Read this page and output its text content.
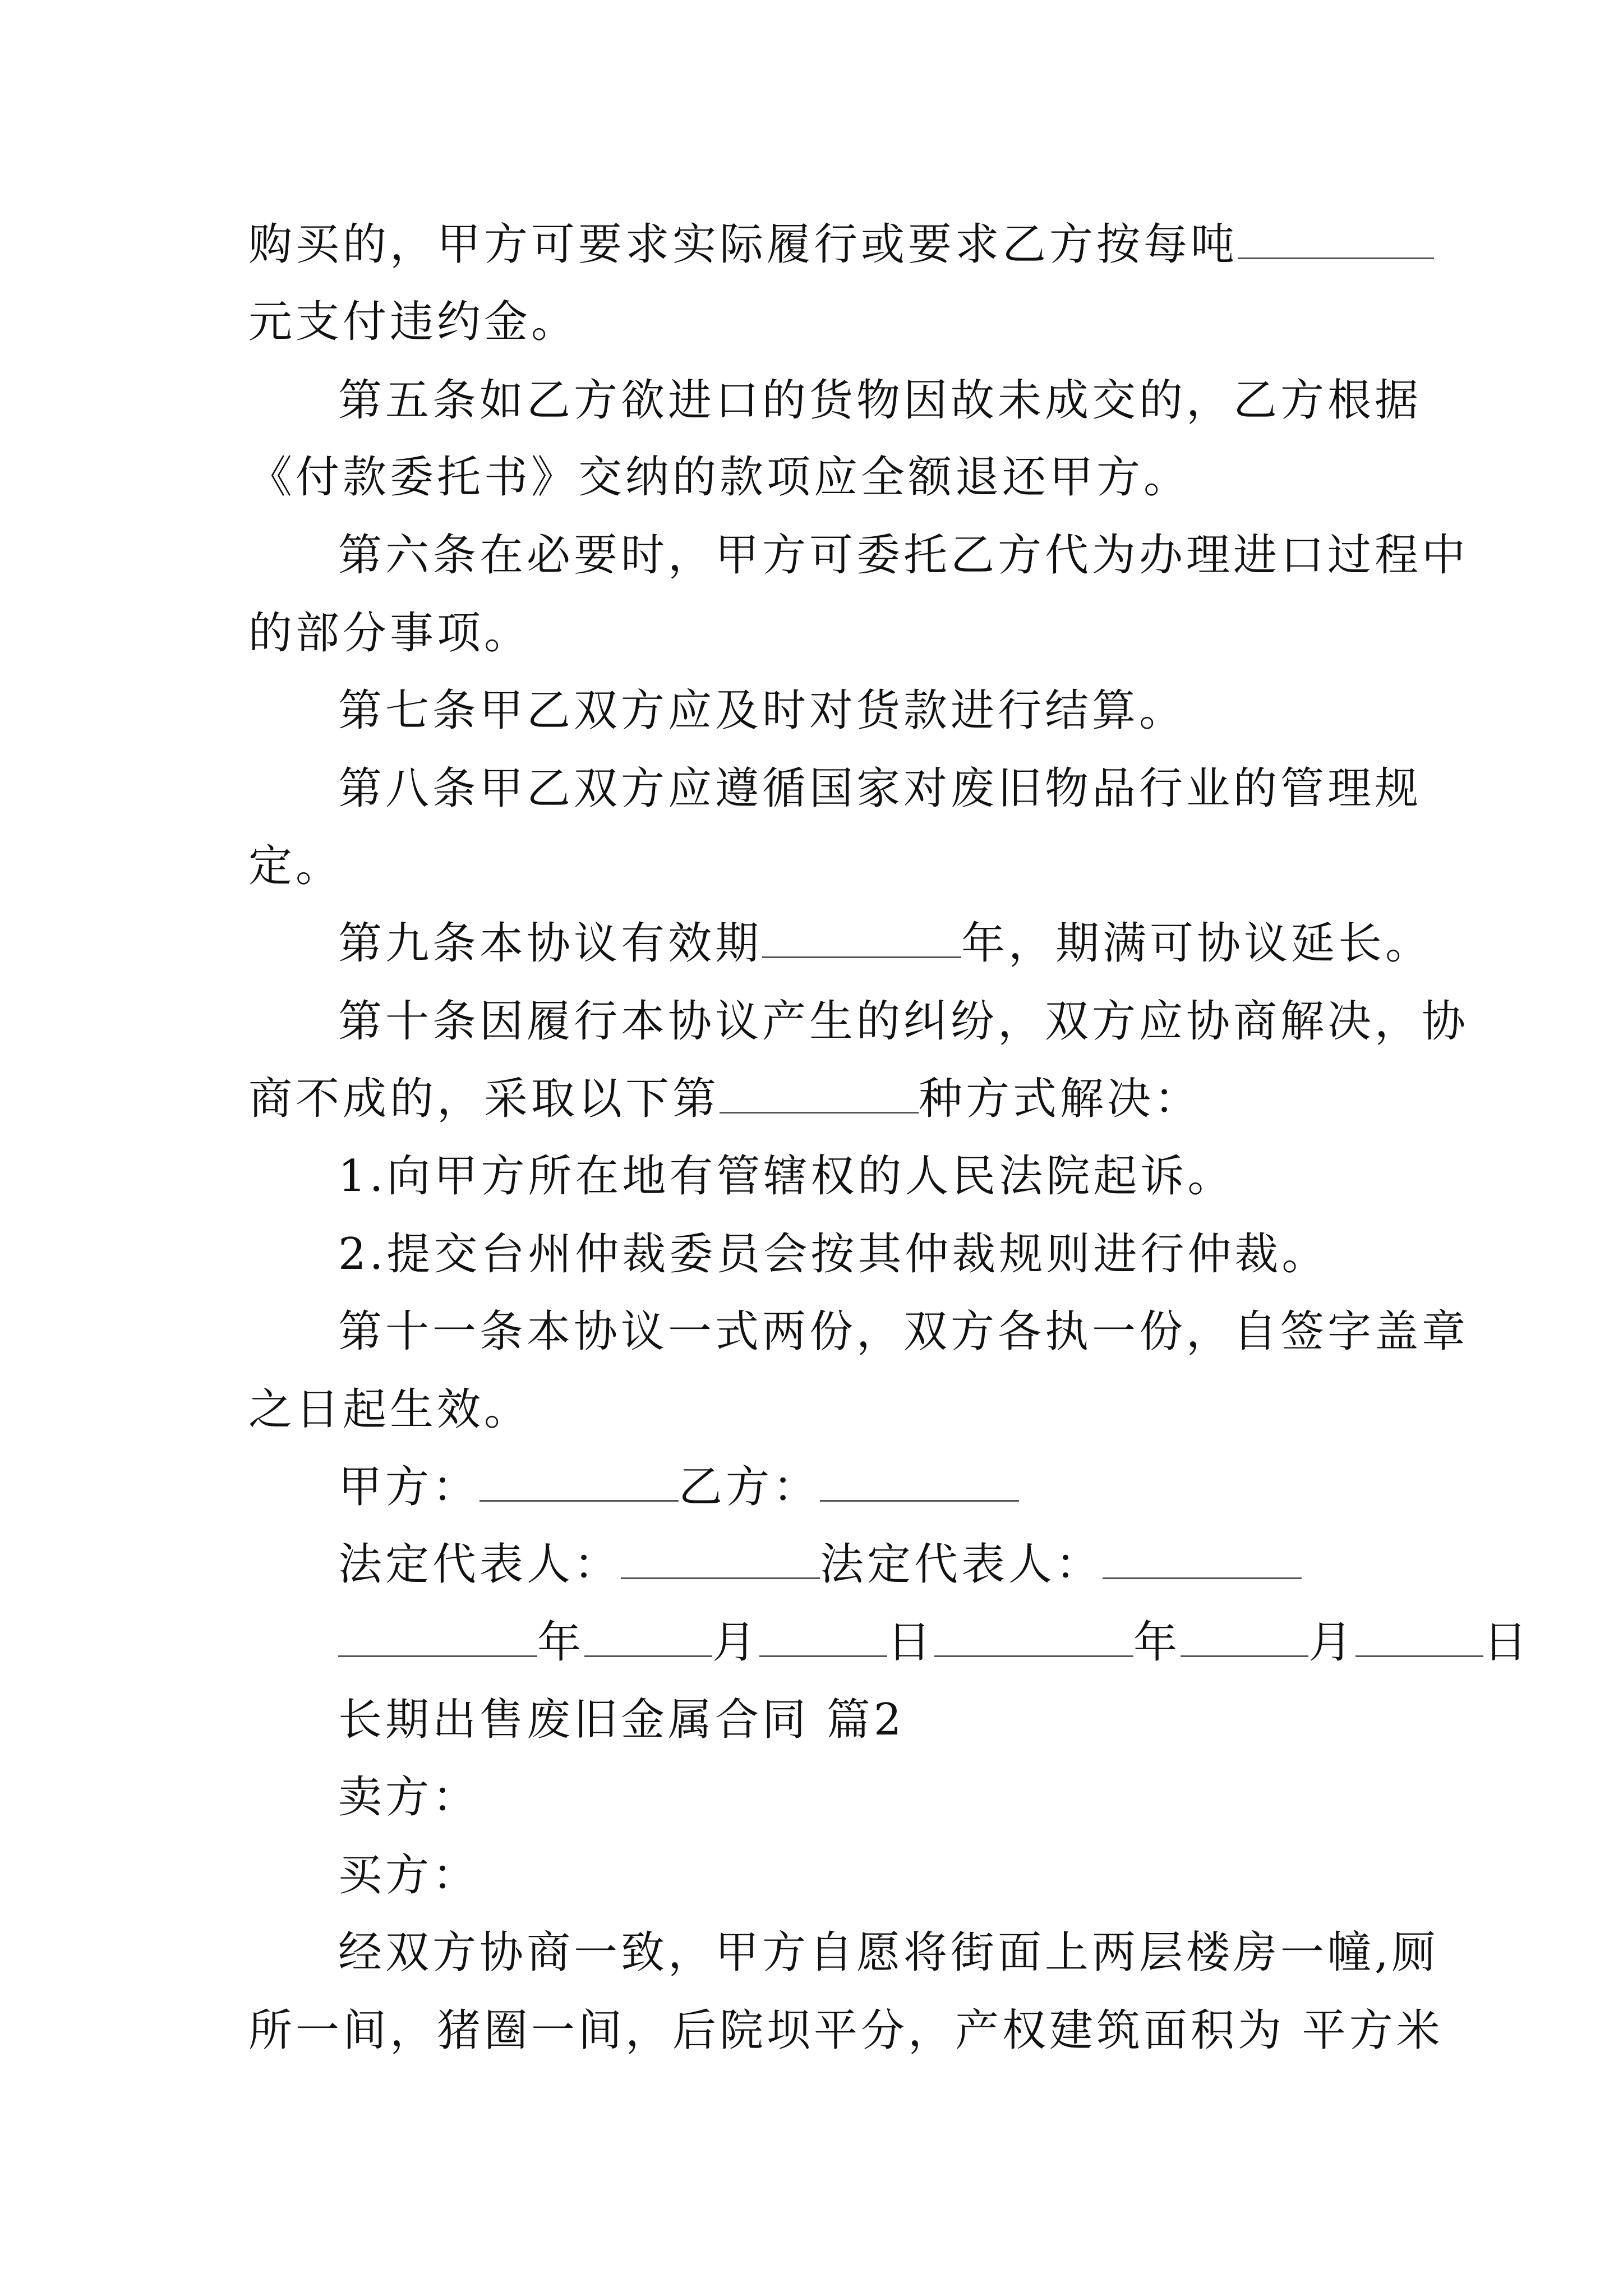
购买的，甲方可要求实际履行或要求乙方按每吨
元支付违约金。
第五条如乙方欲进口的货物因故未成交的，乙方根据
《付款委托书》交纳的款项应全额退还甲方。
第六条在必要时，甲方可委托乙方代为办理进口过程中
的部分事项。
第七条甲乙双方应及时对货款进行结算。
第八条甲乙双方应遵循国家对废旧物品行业的管理规
定。
第九条本协议有效期	年，期满可协议延长。
第十条因履行本协议产生的纠纷，双方应协商解决，协
商不成的，采取以下第	种方式解决：
1.向甲方所在地有管辖权的人民法院起诉。
2.提交台州仲裁委员会按其仲裁规则进行仲裁。
第十一条本协议一式两份，双方各执一份，自签字盖章
之日起生效。
甲方：	乙方：
法定代表人：	法定代表人：
年	月	日	年	月	日
长期出售废旧金属合同 篇2
卖方：
买方：
经双方协商一致，甲方自愿将街面上两层楼房一幢,厕
所一间，猪圈一间，后院坝平分，产权建筑面积为 平方米
